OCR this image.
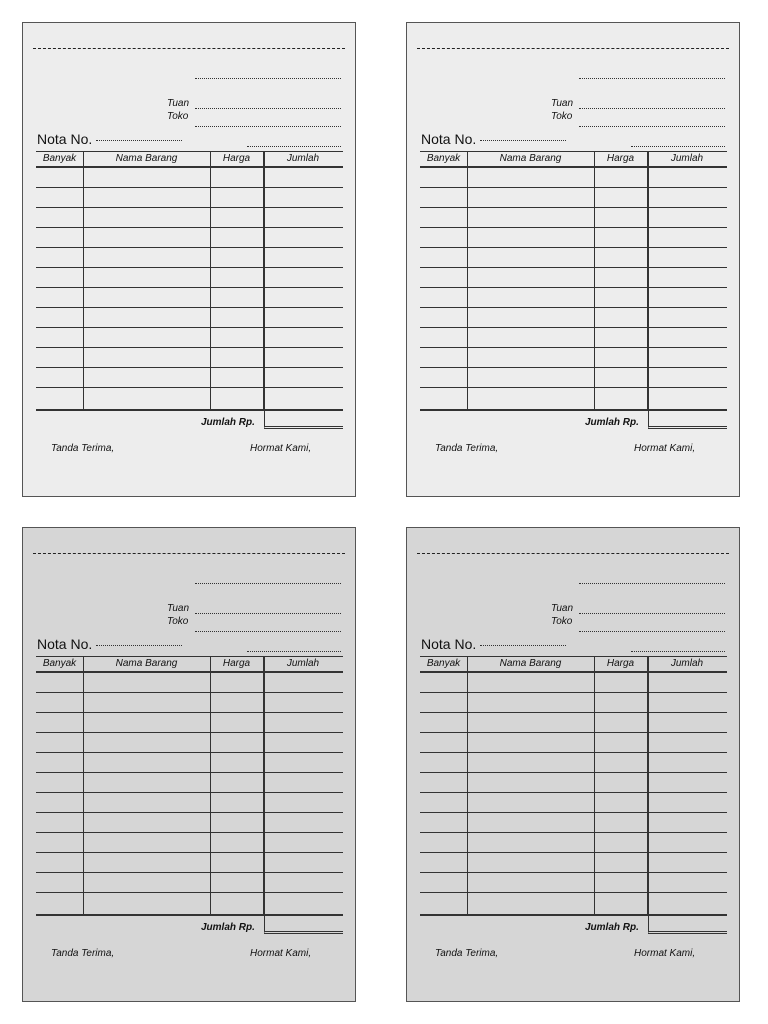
Tuan
Toko
Nota No.
Banyak	Nama Barang	Harga	Jumlah
Jumlah Rp.
Tanda Terima,	Hormat Kami,
Tuan
Toko
Nota No.
Banyak	Nama Barang	Harga	Jumlah
Jumlah Rp.
Tanda Terima,	Hormat Kami,
Tuan
Toko
Nota No.
Banyak	Nama Barang	Harga	Jumlah
Jumlah Rp.
Tanda Terima,	Hormat Kami,
Tuan
Toko
Nota No.
Banyak	Nama Barang	Harga	Jumlah
Jumlah Rp.
Tanda Terima,	Hormat Kami,
